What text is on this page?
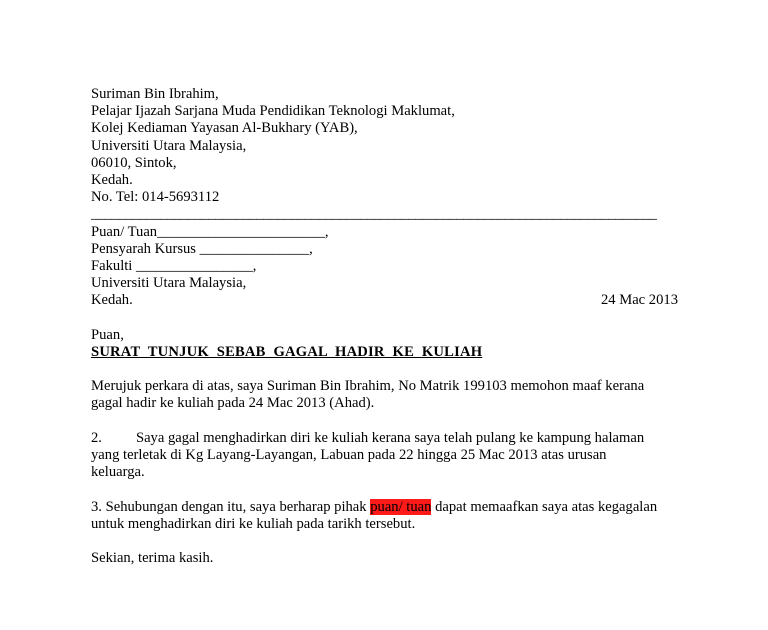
Suriman Bin Ibrahim,
Pelajar Ijazah Sarjana Muda Pendidikan Teknologi Maklumat,
Kolej Kediaman Yayasan Al-Bukhary (YAB),
Universiti Utara Malaysia,
06010, Sintok,
Kedah.
No. Tel: 014-5693112
__________________________________________________________________________________
Puan/ Tuan_______________________,
Pensyarah Kursus _______________,
Fakulti ________________,
Universiti Utara Malaysia,
Kedah.	24 Mac 2013
Puan,
SURAT TUNJUK SEBAB GAGAL HADIR KE KULIAH
Merujuk perkara di atas, saya Suriman Bin Ibrahim, No Matrik 199103 memohon maaf kerana
gagal hadir ke kuliah pada 24 Mac 2013 (Ahad).
2. Saya gagal menghadirkan diri ke kuliah kerana saya telah pulang ke kampung halaman
yang terletak di Kg Layang-Layangan, Labuan pada 22 hingga 25 Mac 2013 atas urusan
keluarga.
3. Sehubungan dengan itu, saya berharap pihak puan/ tuan dapat memaafkan saya atas kegagalan
untuk menghadirkan diri ke kuliah pada tarikh tersebut.
Sekian, terima kasih.
